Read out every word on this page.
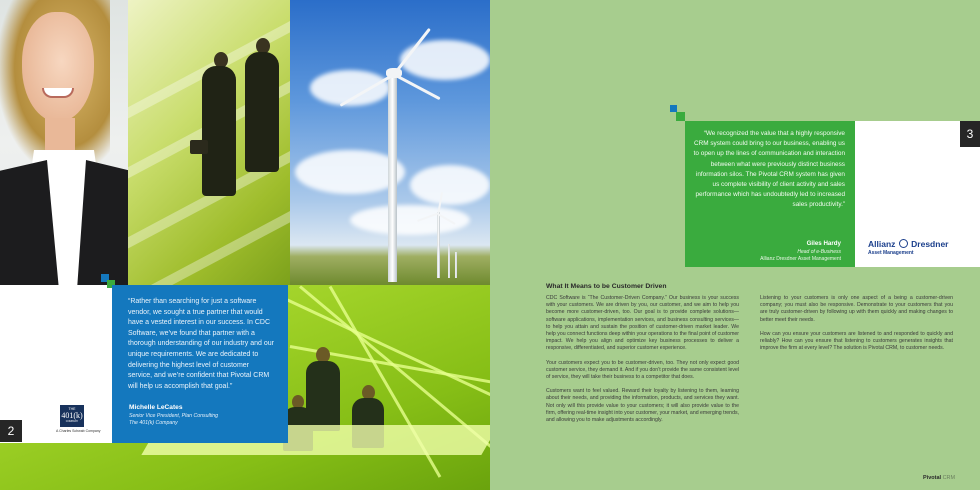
“Rather than searching for just a software vendor, we sought a true partner that would have a vested interest in our success. In CDC Software, we’ve found that partner with a thorough understanding of our industry and our unique requirements. We are dedicated to delivering the highest level of customer service, and we’re confident that Pivotal CRM will help us accomplish that goal.”

Michelle LeCates
Senior Vice President, Plan Consulting
The 401(k) Company
THE
401(k)
COMPANY
A Charles Schwab Company
2

“We recognized the value that a highly responsive CRM system could bring to our business, enabling us to open up the lines of communication and interaction between what were previously distinct business information silos. The Pivotal CRM system has given us complete visibility of client activity and sales performance which has undoubtedly led to increased sales productivity.”

Giles Hardy
Head of e-Business
Allianz Dresdner Asset Management
Allianz Dresdner
Asset Management
3
What It Means to be Customer Driven

CDC Software is “The Customer-Driven Company.” Our business is your success with your customers. We are driven by you, our customer, and we aim to help you become more customer-driven, too. Our goal is to provide complete solutions—software applications, implementation services, and business consulting services—to help you attain and sustain the position of customer-driven market leader. We help you connect functions deep within your operations to the final point of customer impact. We help you align and optimize key business processes to deliver a responsive, differentiated, and superior customer experience.

Your customers expect you to be customer-driven, too. They not only expect good customer service, they demand it. And if you don’t provide the same consistent level of service, they will take their business to a competitor that does.

Customers want to feel valued. Reward their loyalty by listening to them, learning about their needs, and providing the information, products, and services they want. Not only will this provide value to your customers; it will also provide value to the firm, offering real-time insight into your customer, your market, and emerging trends, and allowing you to make adjustments accordingly.

Listening to your customers is only one aspect of a being a customer-driven company; you must also be responsive. Demonstrate to your customers that you are truly customer-driven by following up with them quickly and making changes to better meet their needs.

How can you ensure your customers are listened to and responded to quickly and reliably? How can you ensure that listening to customers generates insights that improve the firm at every level? The solution is Pivotal CRM, to customer needs.

Pivotal CRM
